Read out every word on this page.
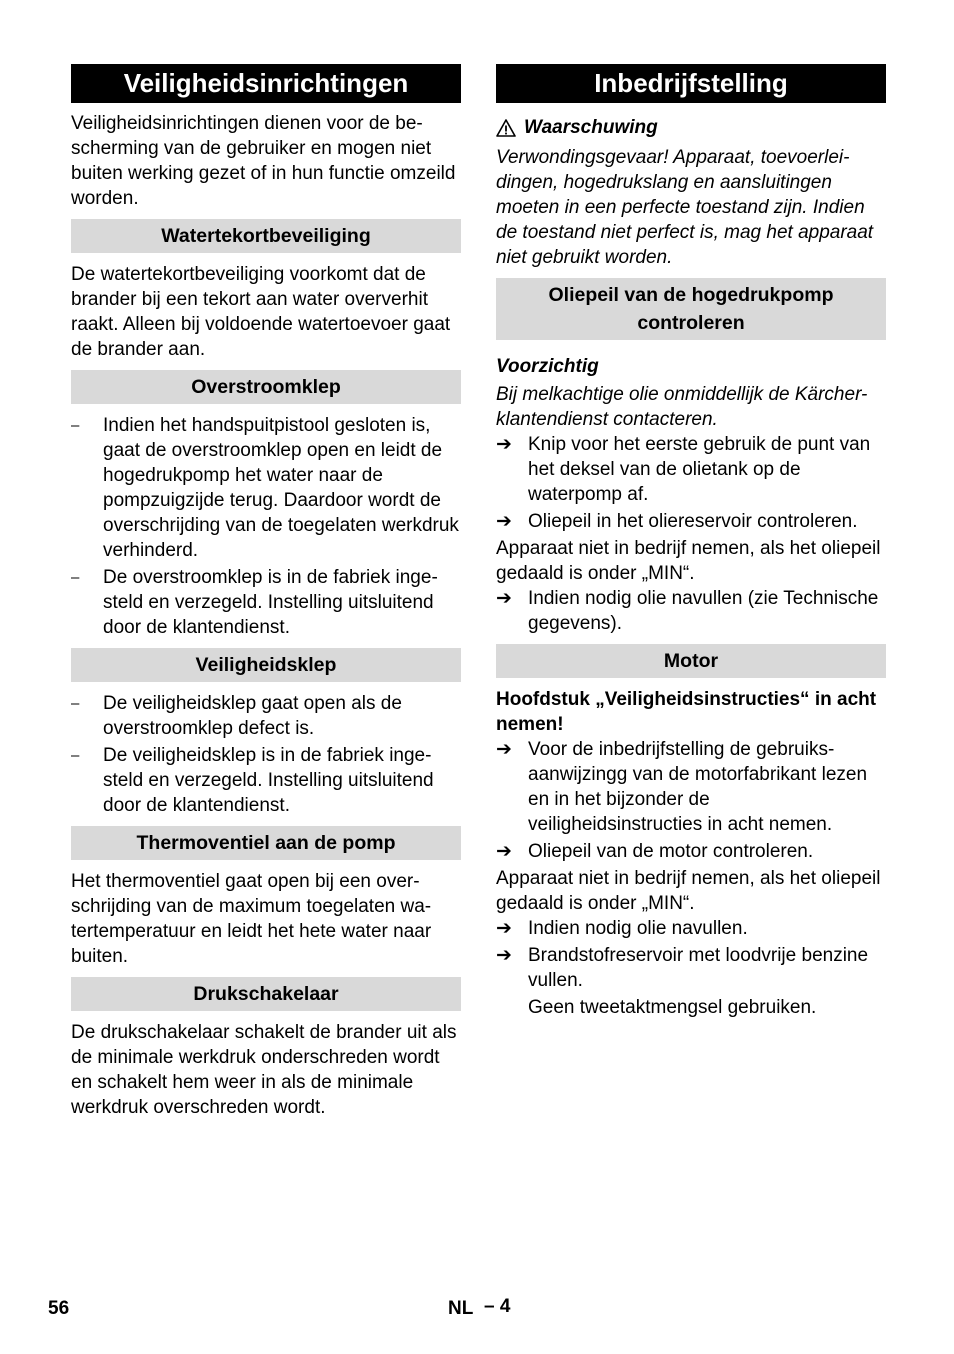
Veiligheidsinrichtingen

Veiligheidsinrichtingen dienen voor de bescherming van de gebruiker en mogen niet buiten werking gezet of in hun functie omzeild worden.

Watertekortbeveiliging

De watertekortbeveiliging voorkomt dat de brander bij een tekort aan water oververhit raakt. Alleen bij voldoende watertoevoer gaat de brander aan.

Overstroomklep
– Indien het handspuitpistool gesloten is, gaat de overstroomklep open en leidt de hogedrukpomp het water naar de pompzuigzijde terug. Daardoor wordt de overschrijding van de toegelaten werkdruk verhinderd.
– De overstroomklep is in de fabriek ingesteld en verzegeld. Instelling uitsluitend door de klantendienst.
Veiligheidsklep
– De veiligheidsklep gaat open als de overstroomklep defect is.
– De veiligheidsklep is in de fabriek ingesteld en verzegeld. Instelling uitsluitend door de klantendienst.
Thermoventiel aan de pomp

Het thermoventiel gaat open bij een overschrijding van de maximum toegelaten watertemperatuur en leidt het hete water naar buiten.

Drukschakelaar

De drukschakelaar schakelt de brander uit als de minimale werkdruk onderschreden wordt en schakelt hem weer in als de minimale werkdruk overschreden wordt.

Inbedrijfstelling

Waarschuwing

Verwondingsgevaar! Apparaat, toevoerleidingen, hogedrukslang en aansluitingen moeten in een perfecte toestand zijn. Indien de toestand niet perfect is, mag het apparaat niet gebruikt worden.

Oliepeil van de hogedrukpomp controleren

Voorzichtig

Bij melkachtige olie onmiddellijk de Kärcher-klantendienst contacteren.

➔ Knip voor het eerste gebruik de punt van het deksel van de olietank op de waterpomp af.
➔ Oliepeil in het oliereservoir controleren.

Apparaat niet in bedrijf nemen, als het oliepeil gedaald is onder „MIN“.

➔ Indien nodig olie navullen (zie Technische gegevens).
Motor

Hoofdstuk „Veiligheidsinstructies“ in acht nemen!

➔ Voor de inbedrijfstelling de gebruiksaanwijzingg van de motorfabrikant lezen en in het bijzonder de veiligheidsinstructies in acht nemen.
➔ Oliepeil van de motor controleren.

Apparaat niet in bedrijf nemen, als het oliepeil gedaald is onder „MIN“.

➔ Indien nodig olie navullen.
➔ Brandstofreservoir met loodvrije benzine vullen.
Geen tweetaktmengsel gebruiken.
56	NL – 4
